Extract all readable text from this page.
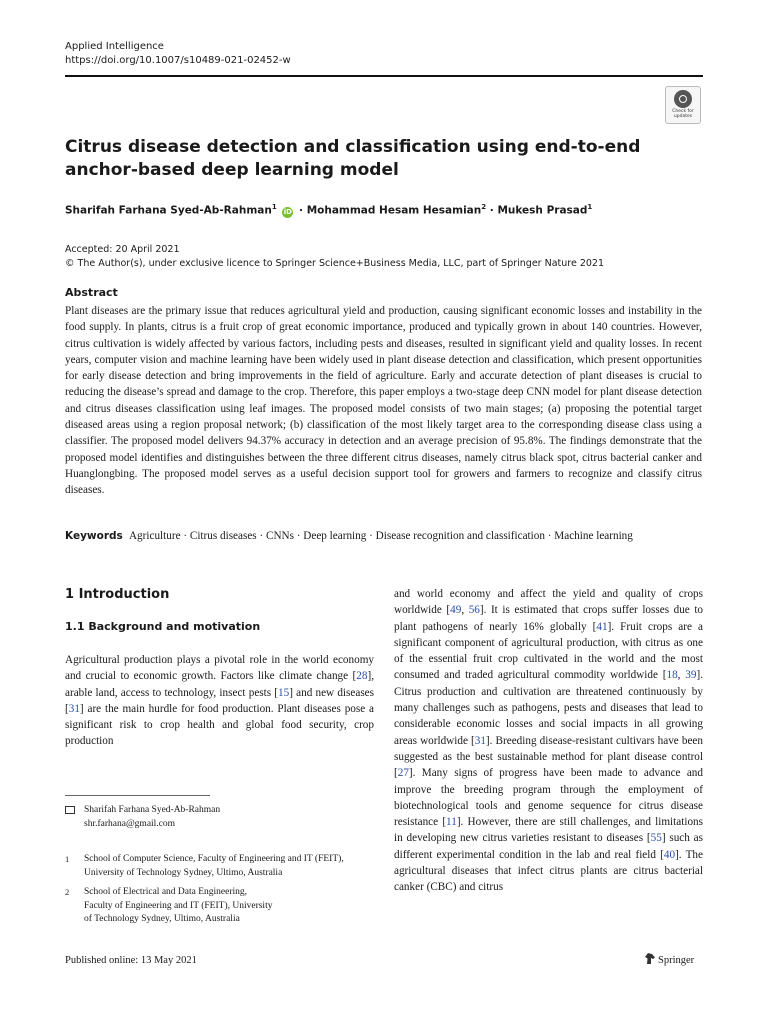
Applied Intelligence
https://doi.org/10.1007/s10489-021-02452-w
Check for
updates
Citrus disease detection and classification using end-to-end
anchor-based deep learning model
Sharifah Farhana Syed-Ab-Rahman$^1$ iD · Mohammad Hesam Hesamian$^2$ · Mukesh Prasad$^1$
Accepted: 20 April 2021
© The Author(s), under exclusive licence to Springer Science+Business Media, LLC, part of Springer Nature 2021
Abstract
Plant diseases are the primary issue that reduces agricultural yield and production, causing significant economic losses and instability in the food supply. In plants, citrus is a fruit crop of great economic importance, produced and typically grown in about 140 countries. However, citrus cultivation is widely affected by various factors, including pests and diseases, resulted in significant yield and quality losses. In recent years, computer vision and machine learning have been widely used in plant disease detection and classification, which present opportunities for early disease detection and bring improvements in the field of agriculture. Early and accurate detection of plant diseases is crucial to reducing the disease’s spread and damage to the crop. Therefore, this paper employs a two-stage deep CNN model for plant disease detection and citrus diseases classification using leaf images. The proposed model consists of two main stages; (a) proposing the potential target diseased areas using a region proposal network; (b) classification of the most likely target area to the corresponding disease class using a classifier. The proposed model delivers 94.37% accuracy in detection and an average precision of 95.8%. The findings demonstrate that the proposed model identifies and distinguishes between the three different citrus diseases, namely citrus black spot, citrus bacterial canker and Huanglongbing. The proposed model serves as a useful decision support tool for growers and farmers to recognize and classify citrus diseases.
Keywords Agriculture · Citrus diseases · CNNs · Deep learning · Disease recognition and classification · Machine learning
1 Introduction
1.1 Background and motivation
Agricultural production plays a pivotal role in the world economy and crucial to economic growth. Factors like climate change [28], arable land, access to technology, insect pests [15] and new diseases [31] are the main hurdle for food production. Plant diseases pose a significant risk to crop health and global food security, crop production
and world economy and affect the yield and quality of crops worldwide [49, 56]. It is estimated that crops suffer losses due to plant pathogens of nearly 16% globally [41]. Fruit crops are a significant component of agricultural production, with citrus as one of the essential fruit crop cultivated in the world and the most consumed and traded agricultural commodity worldwide [18, 39]. Citrus production and cultivation are threatened continuously by many challenges such as pathogens, pests and diseases that lead to considerable economic losses and social impacts in all growing areas worldwide [31]. Breeding disease-resistant cultivars have been suggested as the best sustainable method for plant disease control [27]. Many signs of progress have been made to advance and improve the breeding program through the employment of biotechnological tools and genome sequence for citrus disease resistance [11]. However, there are still challenges, and limitations in developing new citrus varieties resistant to diseases [55] such as different experimental condition in the lab and real field [40]. The agricultural diseases that infect citrus plants are citrus bacterial canker (CBC) and citrus
Sharifah Farhana Syed-Ab-Rahman
shr.farhana@gmail.com
1 School of Computer Science, Faculty of Engineering and IT (FEIT), University of Technology Sydney, Ultimo, Australia
2 School of Electrical and Data Engineering,
Faculty of Engineering and IT (FEIT), University
of Technology Sydney, Ultimo, Australia
Published online: 13 May 2021	Springer
